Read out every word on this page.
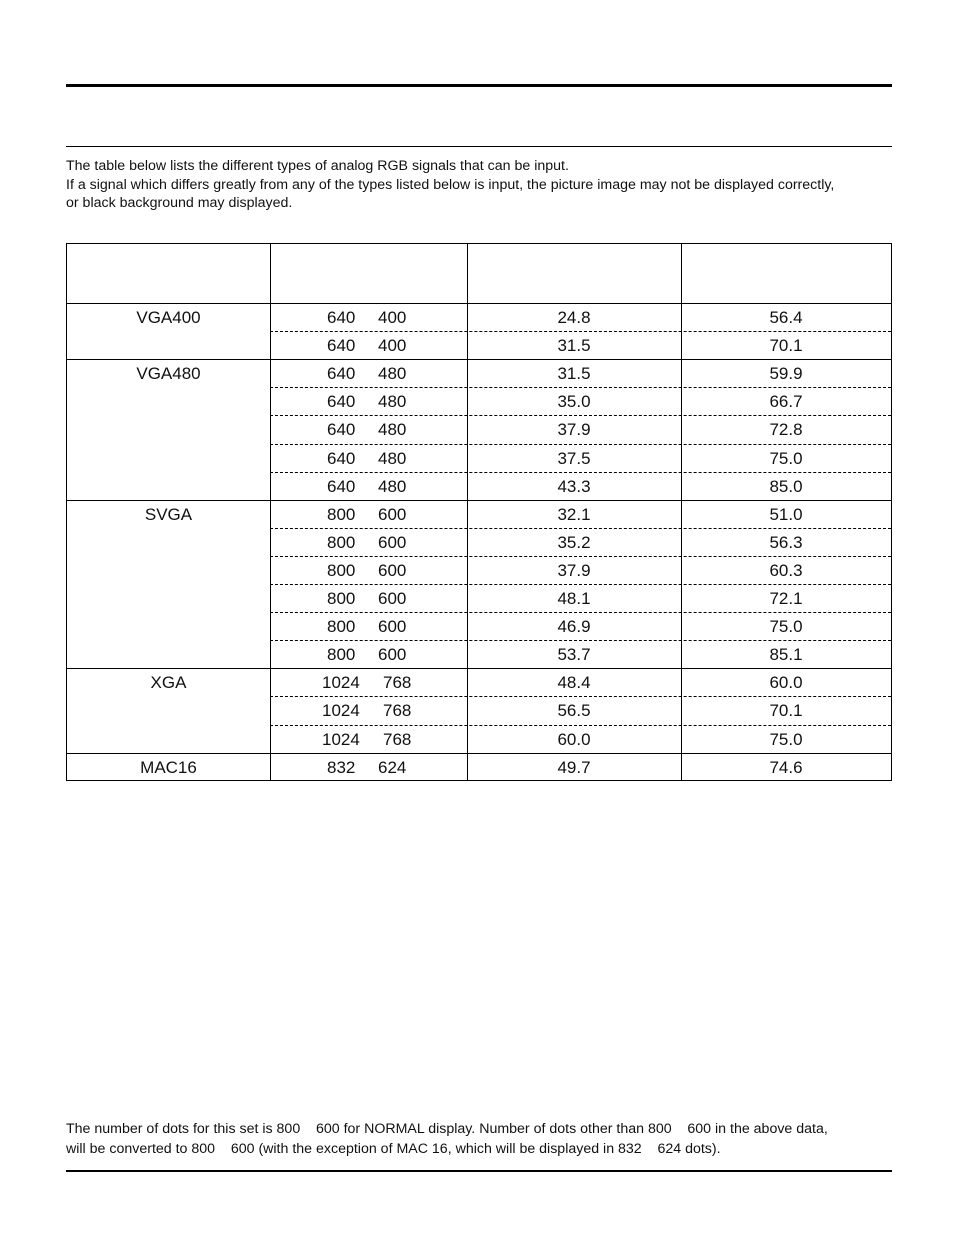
The table below lists the different types of analog RGB signals that can be input.

If a signal which differs greatly from any of the types listed below is input, the picture image may not be displayed correctly,

or black background may displayed.

VGA400	640 400	24.8	56.4
640 400	31.5	70.1
VGA480	640 480	31.5	59.9
640 480	35.0	66.7
640 480	37.9	72.8
640 480	37.5	75.0
640 480	43.3	85.0
SVGA	800 600	32.1	51.0
800 600	35.2	56.3
800 600	37.9	60.3
800 600	48.1	72.1
800 600	46.9	75.0
800 600	53.7	85.1
XGA	1024 768	48.4	60.0
1024 768	56.5	70.1
1024 768	60.0	75.0
MAC16	832 624	49.7	74.6

The number of dots for this set is 800    600 for NORMAL display. Number of dots other than 800    600 in the above data,

will be converted to 800    600 (with the exception of MAC 16, which will be displayed in 832    624 dots).
